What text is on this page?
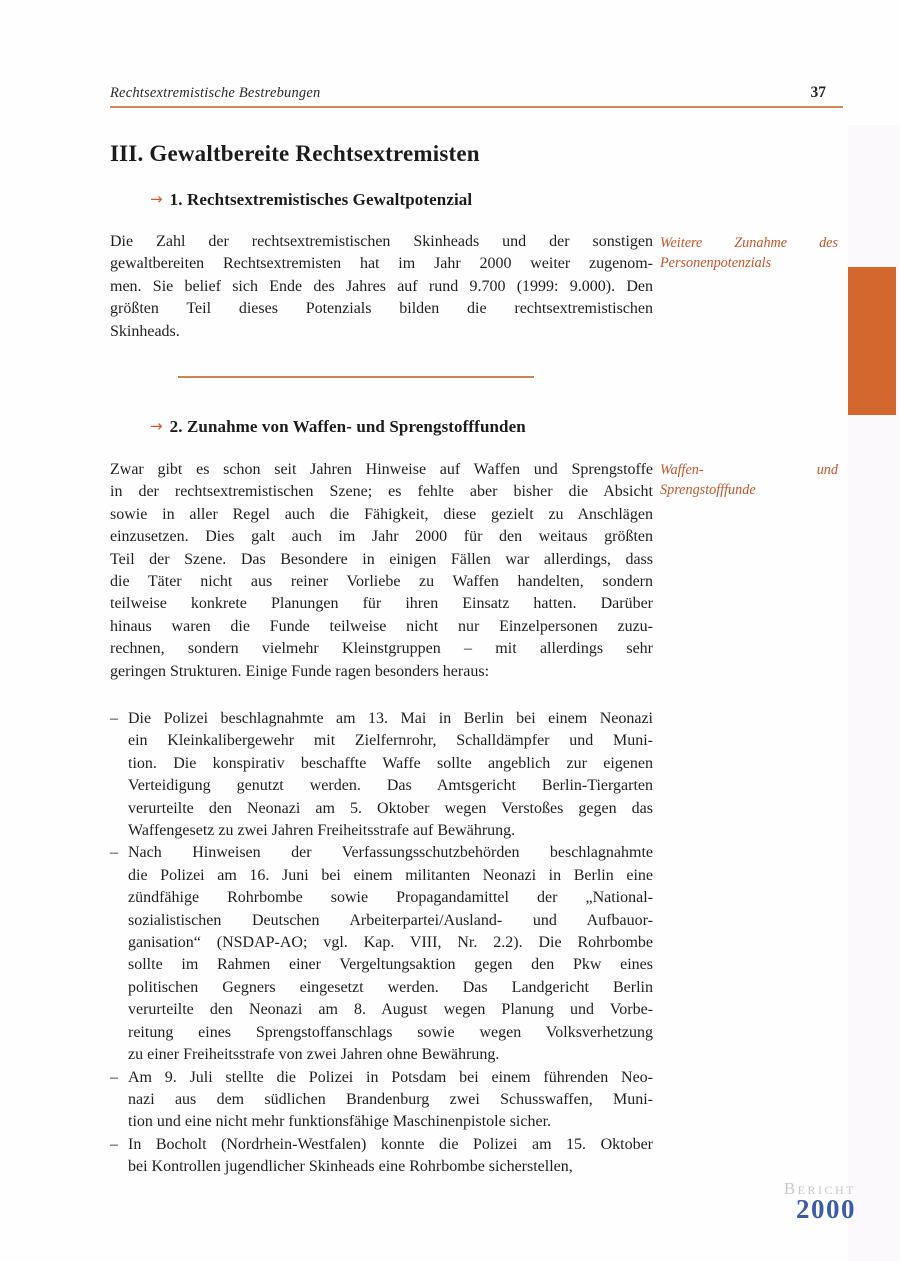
Rechtsextremistische Bestrebungen	37
III. Gewaltbereite Rechtsextremisten
→ 1. Rechtsextremistisches Gewaltpotenzial
Die Zahl der rechtsextremistischen Skinheads und der sonstigen
gewaltbereiten Rechtsextremisten hat im Jahr 2000 weiter zugenom-
men. Sie belief sich Ende des Jahres auf rund 9.700 (1999: 9.000). Den
größten Teil dieses Potenzials bilden die rechtsextremistischen
Skinheads.
Weitere Zunahme des
Personenpotenzials
→ 2. Zunahme von Waffen- und Sprengstofffunden
Zwar gibt es schon seit Jahren Hinweise auf Waffen und Sprengstoffe
in der rechtsextremistischen Szene; es fehlte aber bisher die Absicht
sowie in aller Regel auch die Fähigkeit, diese gezielt zu Anschlägen
einzusetzen. Dies galt auch im Jahr 2000 für den weitaus größten
Teil der Szene. Das Besondere in einigen Fällen war allerdings, dass
die Täter nicht aus reiner Vorliebe zu Waffen handelten, sondern
teilweise konkrete Planungen für ihren Einsatz hatten. Darüber
hinaus waren die Funde teilweise nicht nur Einzelpersonen zuzu-
rechnen, sondern vielmehr Kleinstgruppen – mit allerdings sehr
geringen Strukturen. Einige Funde ragen besonders heraus:
Waffen- und
Sprengstofffunde
– Die Polizei beschlagnahmte am 13. Mai in Berlin bei einem Neonazi
ein Kleinkalibergewehr mit Zielfernrohr, Schalldämpfer und Muni-
tion. Die konspirativ beschaffte Waffe sollte angeblich zur eigenen
Verteidigung genutzt werden. Das Amtsgericht Berlin-Tiergarten
verurteilte den Neonazi am 5. Oktober wegen Verstoßes gegen das
Waffengesetz zu zwei Jahren Freiheitsstrafe auf Bewährung.
– Nach Hinweisen der Verfassungsschutzbehörden beschlagnahmte
die Polizei am 16. Juni bei einem militanten Neonazi in Berlin eine
zündfähige Rohrbombe sowie Propagandamittel der „National-
sozialistischen Deutschen Arbeiterpartei/Ausland- und Aufbauor-
ganisation“ (NSDAP-AO; vgl. Kap. VIII, Nr. 2.2). Die Rohrbombe
sollte im Rahmen einer Vergeltungsaktion gegen den Pkw eines
politischen Gegners eingesetzt werden. Das Landgericht Berlin
verurteilte den Neonazi am 8. August wegen Planung und Vorbe-
reitung eines Sprengstoffanschlags sowie wegen Volksverhetzung
zu einer Freiheitsstrafe von zwei Jahren ohne Bewährung.
– Am 9. Juli stellte die Polizei in Potsdam bei einem führenden Neo-
nazi aus dem südlichen Brandenburg zwei Schusswaffen, Muni-
tion und eine nicht mehr funktionsfähige Maschinenpistole sicher.
– In Bocholt (Nordrhein-Westfalen) konnte die Polizei am 15. Oktober
bei Kontrollen jugendlicher Skinheads eine Rohrbombe sicherstellen,
Bericht
2000
